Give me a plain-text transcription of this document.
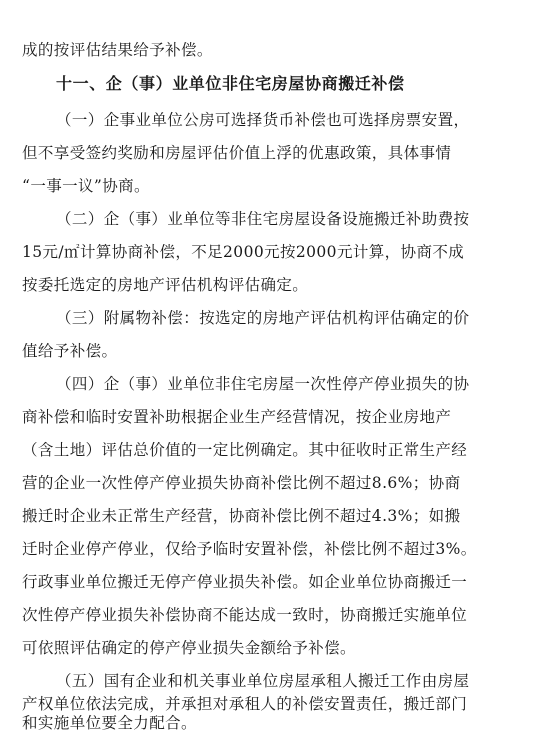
成的按评估结果给予补偿。
十一、企（事）业单位非住宅房屋协商搬迁补偿
（一）企事业单位公房可选择货币补偿也可选择房票安置，
但不享受签约奖励和房屋评估价值上浮的优惠政策，具体事情
“一事一议”协商。
（二）企（事）业单位等非住宅房屋设备设施搬迁补助费按
15元/㎡计算协商补偿，不足2000元按2000元计算，协商不成
按委托选定的房地产评估机构评估确定。
（三）附属物补偿：按选定的房地产评估机构评估确定的价
值给予补偿。
（四）企（事）业单位非住宅房屋一次性停产停业损失的协
商补偿和临时安置补助根据企业生产经营情况，按企业房地产
（含土地）评估总价值的一定比例确定。其中征收时正常生产经
营的企业一次性停产停业损失协商补偿比例不超过8.6%；协商
搬迁时企业未正常生产经营，协商补偿比例不超过4.3%；如搬
迁时企业停产停业，仅给予临时安置补偿，补偿比例不超过3%。
行政事业单位搬迁无停产停业损失补偿。如企业单位协商搬迁一
次性停产停业损失补偿协商不能达成一致时，协商搬迁实施单位
可依照评估确定的停产停业损失金额给予补偿。
（五）国有企业和机关事业单位房屋承租人搬迁工作由房屋
产权单位依法完成，并承担对承租人的补偿安置责任，搬迁部门
和实施单位要全力配合。
